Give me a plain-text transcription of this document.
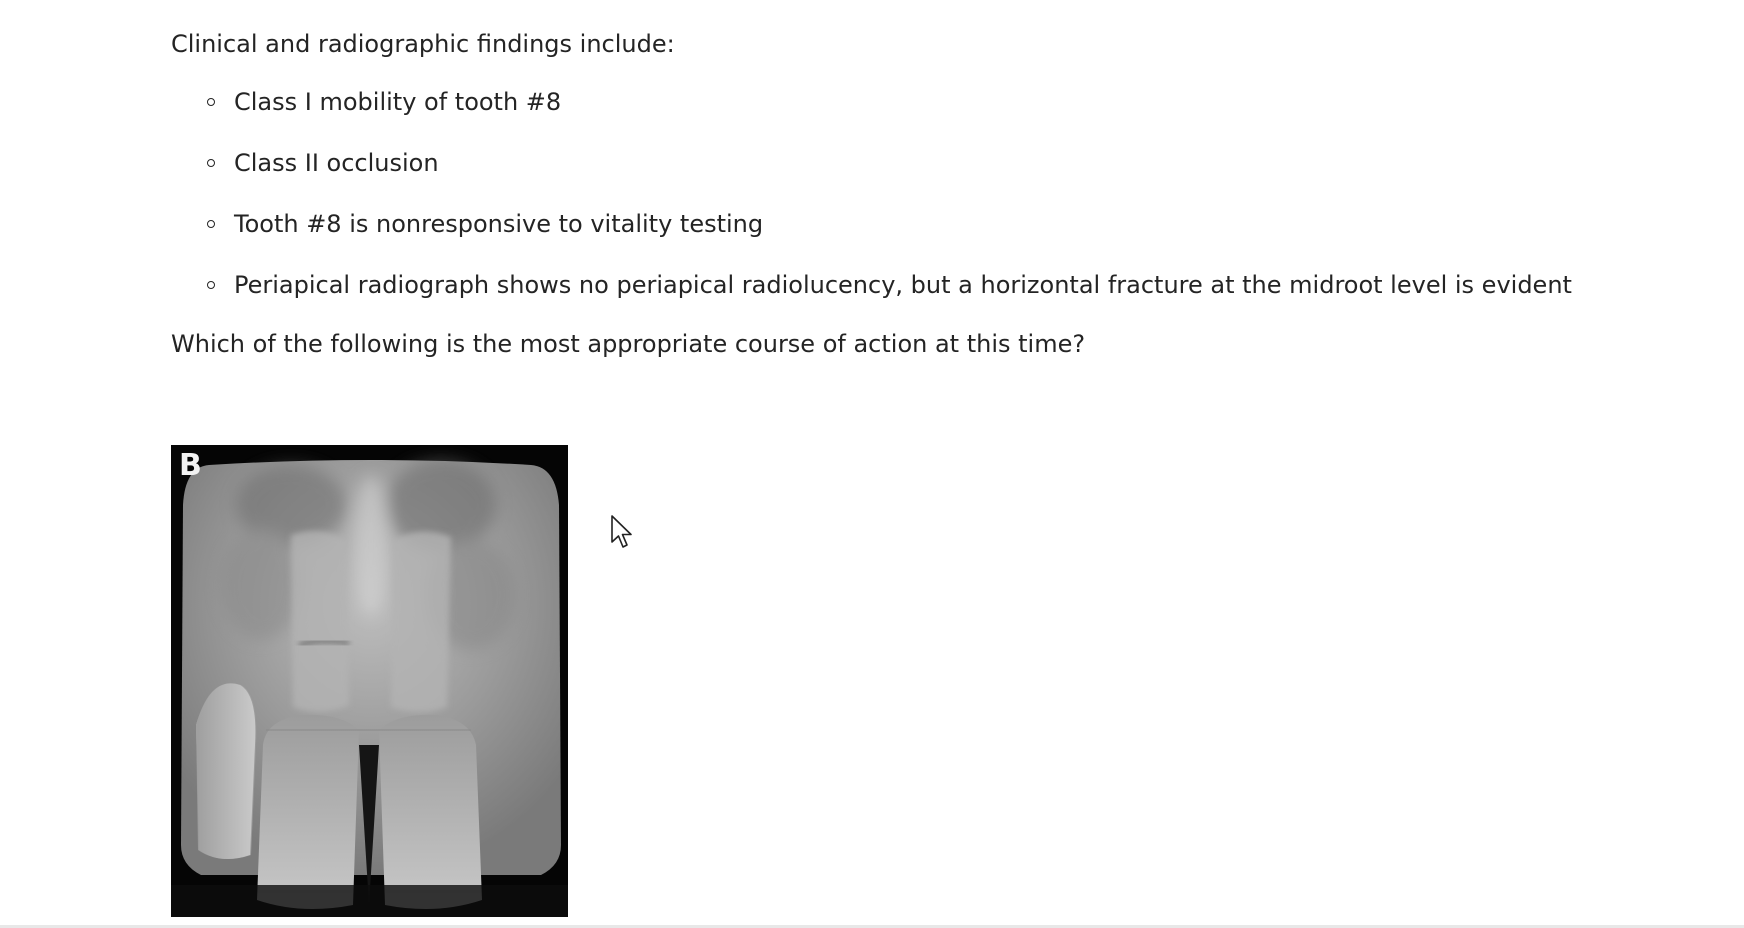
Clinical and radiographic findings include:

Class I mobility of tooth #8
Class II occlusion
Tooth #8 is nonresponsive to vitality testing
Periapical radiograph shows no periapical radiolucency, but a horizontal fracture at the midroot level is evident

Which of the following is the most appropriate course of action at this time?

B
